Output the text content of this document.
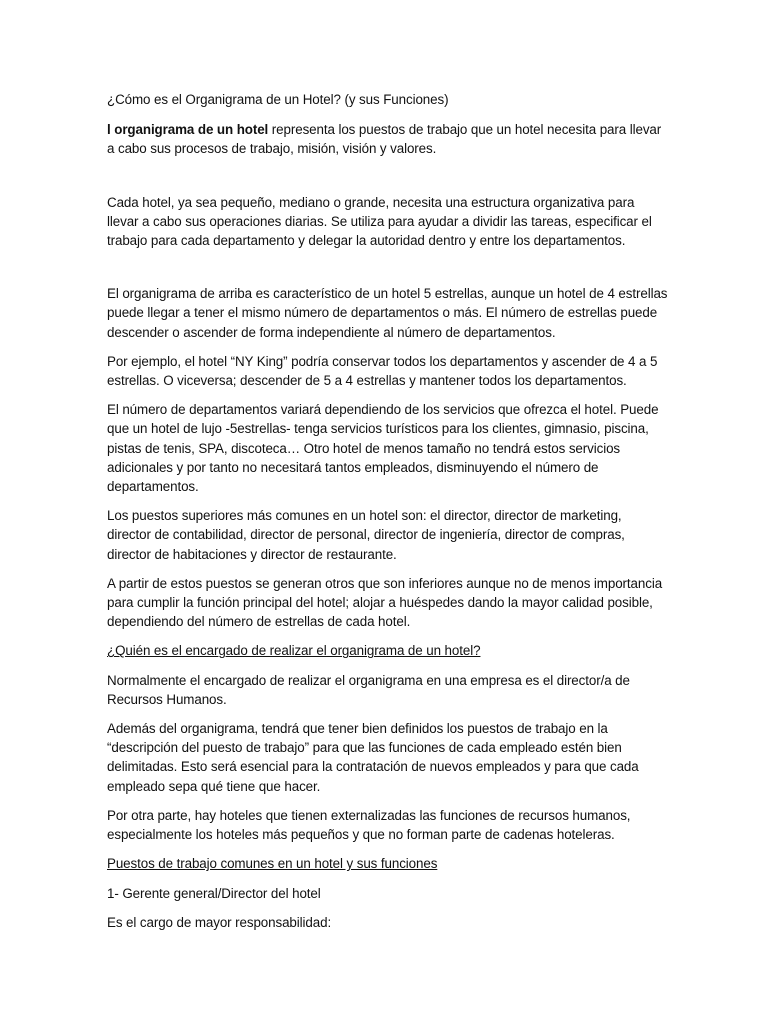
¿Cómo es el Organigrama de un Hotel? (y sus Funciones)

l organigrama de un hotel representa los puestos de trabajo que un hotel necesita para llevar a cabo sus procesos de trabajo, misión, visión y valores.

Cada hotel, ya sea pequeño, mediano o grande, necesita una estructura organizativa para llevar a cabo sus operaciones diarias. Se utiliza para ayudar a dividir las tareas, especificar el trabajo para cada departamento y delegar la autoridad dentro y entre los departamentos.

El organigrama de arriba es característico de un hotel 5 estrellas, aunque un hotel de 4 estrellas puede llegar a tener el mismo número de departamentos o más. El número de estrellas puede descender o ascender de forma independiente al número de departamentos.

Por ejemplo, el hotel “NY King” podría conservar todos los departamentos y ascender de 4 a 5 estrellas. O viceversa; descender de 5 a 4 estrellas y mantener todos los departamentos.

El número de departamentos variará dependiendo de los servicios que ofrezca el hotel. Puede que un hotel de lujo -5estrellas- tenga servicios turísticos para los clientes, gimnasio, piscina, pistas de tenis, SPA, discoteca… Otro hotel de menos tamaño no tendrá estos servicios adicionales y por tanto no necesitará tantos empleados, disminuyendo el número de departamentos.

Los puestos superiores más comunes en un hotel son: el director, director de marketing, director de contabilidad, director de personal, director de ingeniería, director de compras, director de habitaciones y director de restaurante.

A partir de estos puestos se generan otros que son inferiores aunque no de menos importancia para cumplir la función principal del hotel; alojar a huéspedes dando la mayor calidad posible, dependiendo del número de estrellas de cada hotel.

¿Quién es el encargado de realizar el organigrama de un hotel?

Normalmente el encargado de realizar el organigrama en una empresa es el director/a de Recursos Humanos.

Además del organigrama, tendrá que tener bien definidos los puestos de trabajo en la “descripción del puesto de trabajo” para que las funciones de cada empleado estén bien delimitadas. Esto será esencial para la contratación de nuevos empleados y para que cada empleado sepa qué tiene que hacer.

Por otra parte, hay hoteles que tienen externalizadas las funciones de recursos humanos, especialmente los hoteles más pequeños y que no forman parte de cadenas hoteleras.

Puestos de trabajo comunes en un hotel y sus funciones

1- Gerente general/Director del hotel

Es el cargo de mayor responsabilidad:
